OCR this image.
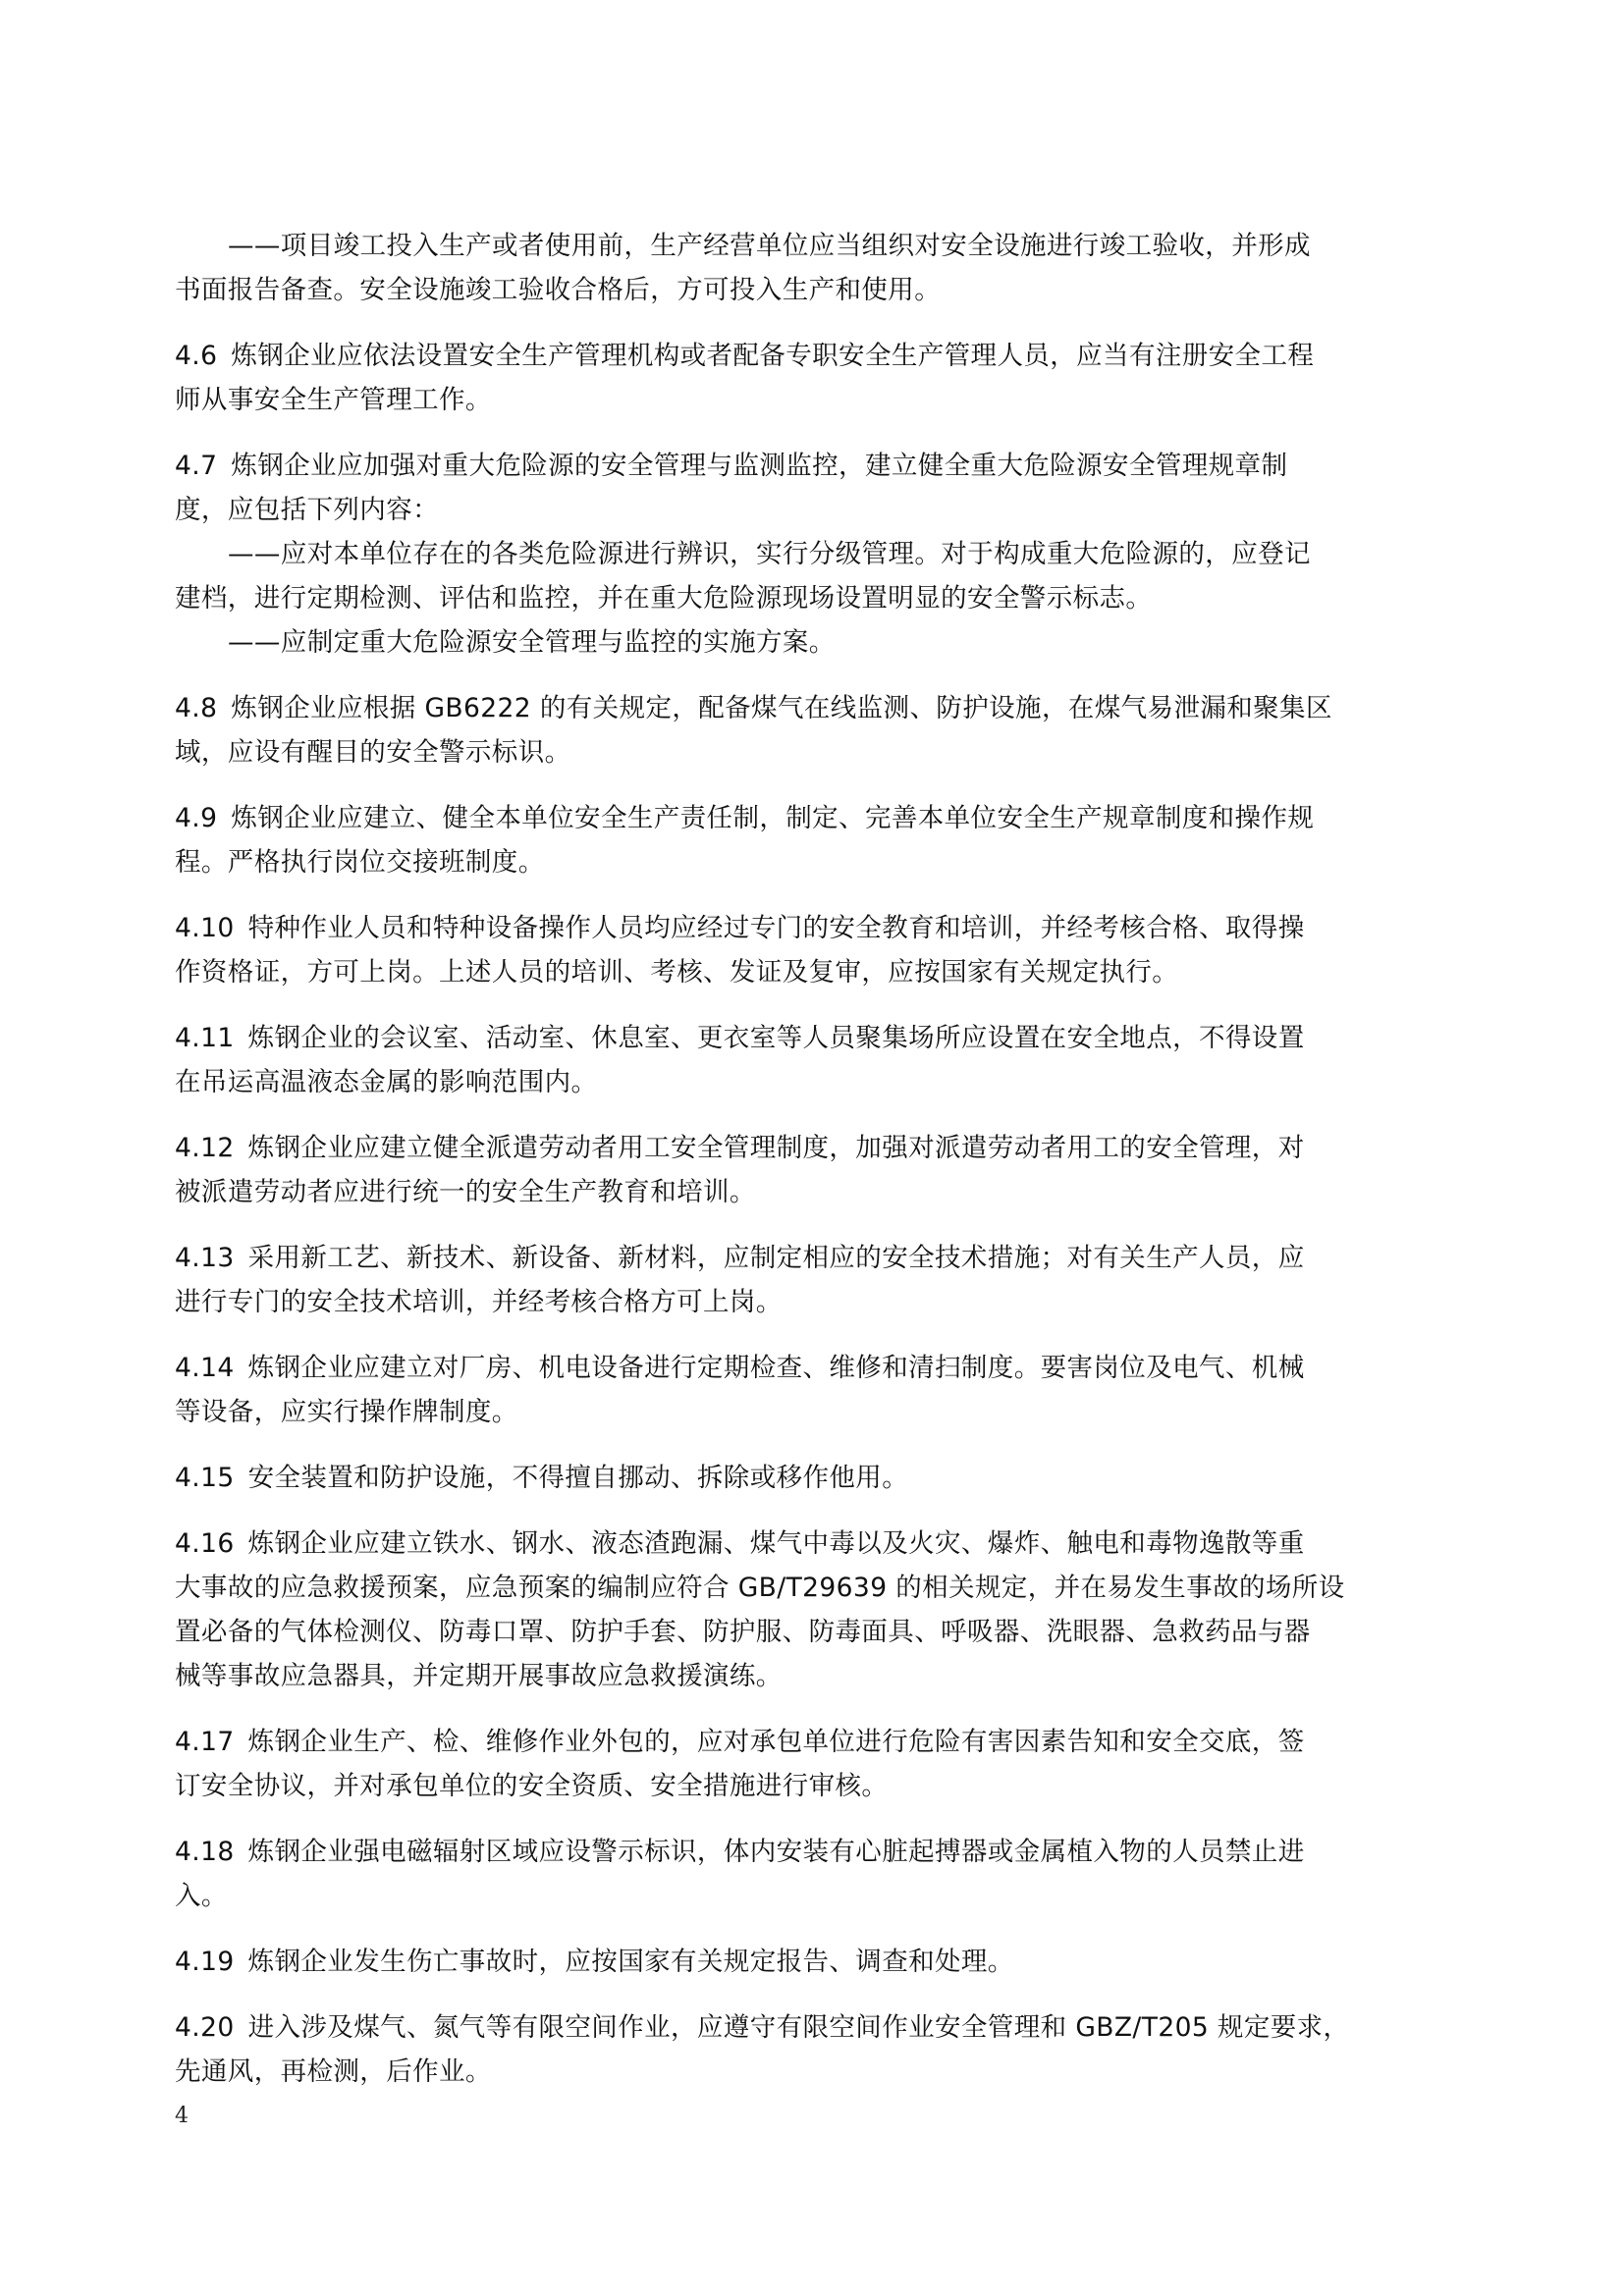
——项目竣工投入生产或者使用前，生产经营单位应当组织对安全设施进行竣工验收，并形成
书面报告备查。安全设施竣工验收合格后，方可投入生产和使用。
4.6 炼钢企业应依法设置安全生产管理机构或者配备专职安全生产管理人员，应当有注册安全工程
师从事安全生产管理工作。
4.7 炼钢企业应加强对重大危险源的安全管理与监测监控，建立健全重大危险源安全管理规章制
度，应包括下列内容：
——应对本单位存在的各类危险源进行辨识，实行分级管理。对于构成重大危险源的，应登记
建档，进行定期检测、评估和监控，并在重大危险源现场设置明显的安全警示标志。
——应制定重大危险源安全管理与监控的实施方案。
4.8 炼钢企业应根据 GB6222 的有关规定，配备煤气在线监测、防护设施，在煤气易泄漏和聚集区
域，应设有醒目的安全警示标识。
4.9 炼钢企业应建立、健全本单位安全生产责任制，制定、完善本单位安全生产规章制度和操作规
程。严格执行岗位交接班制度。
4.10 特种作业人员和特种设备操作人员均应经过专门的安全教育和培训，并经考核合格、取得操
作资格证，方可上岗。上述人员的培训、考核、发证及复审，应按国家有关规定执行。
4.11 炼钢企业的会议室、活动室、休息室、更衣室等人员聚集场所应设置在安全地点，不得设置
在吊运高温液态金属的影响范围内。
4.12 炼钢企业应建立健全派遣劳动者用工安全管理制度，加强对派遣劳动者用工的安全管理，对
被派遣劳动者应进行统一的安全生产教育和培训。
4.13 采用新工艺、新技术、新设备、新材料，应制定相应的安全技术措施；对有关生产人员，应
进行专门的安全技术培训，并经考核合格方可上岗。
4.14 炼钢企业应建立对厂房、机电设备进行定期检查、维修和清扫制度。要害岗位及电气、机械
等设备，应实行操作牌制度。
4.15 安全装置和防护设施，不得擅自挪动、拆除或移作他用。
4.16 炼钢企业应建立铁水、钢水、液态渣跑漏、煤气中毒以及火灾、爆炸、触电和毒物逸散等重
大事故的应急救援预案，应急预案的编制应符合 GB/T29639 的相关规定，并在易发生事故的场所设
置必备的气体检测仪、防毒口罩、防护手套、防护服、防毒面具、呼吸器、洗眼器、急救药品与器
械等事故应急器具，并定期开展事故应急救援演练。
4.17 炼钢企业生产、检、维修作业外包的，应对承包单位进行危险有害因素告知和安全交底，签
订安全协议，并对承包单位的安全资质、安全措施进行审核。
4.18 炼钢企业强电磁辐射区域应设警示标识，体内安装有心脏起搏器或金属植入物的人员禁止进
入。
4.19 炼钢企业发生伤亡事故时，应按国家有关规定报告、调查和处理。
4.20 进入涉及煤气、氮气等有限空间作业，应遵守有限空间作业安全管理和 GBZ/T205 规定要求，
先通风，再检测，后作业。
4
